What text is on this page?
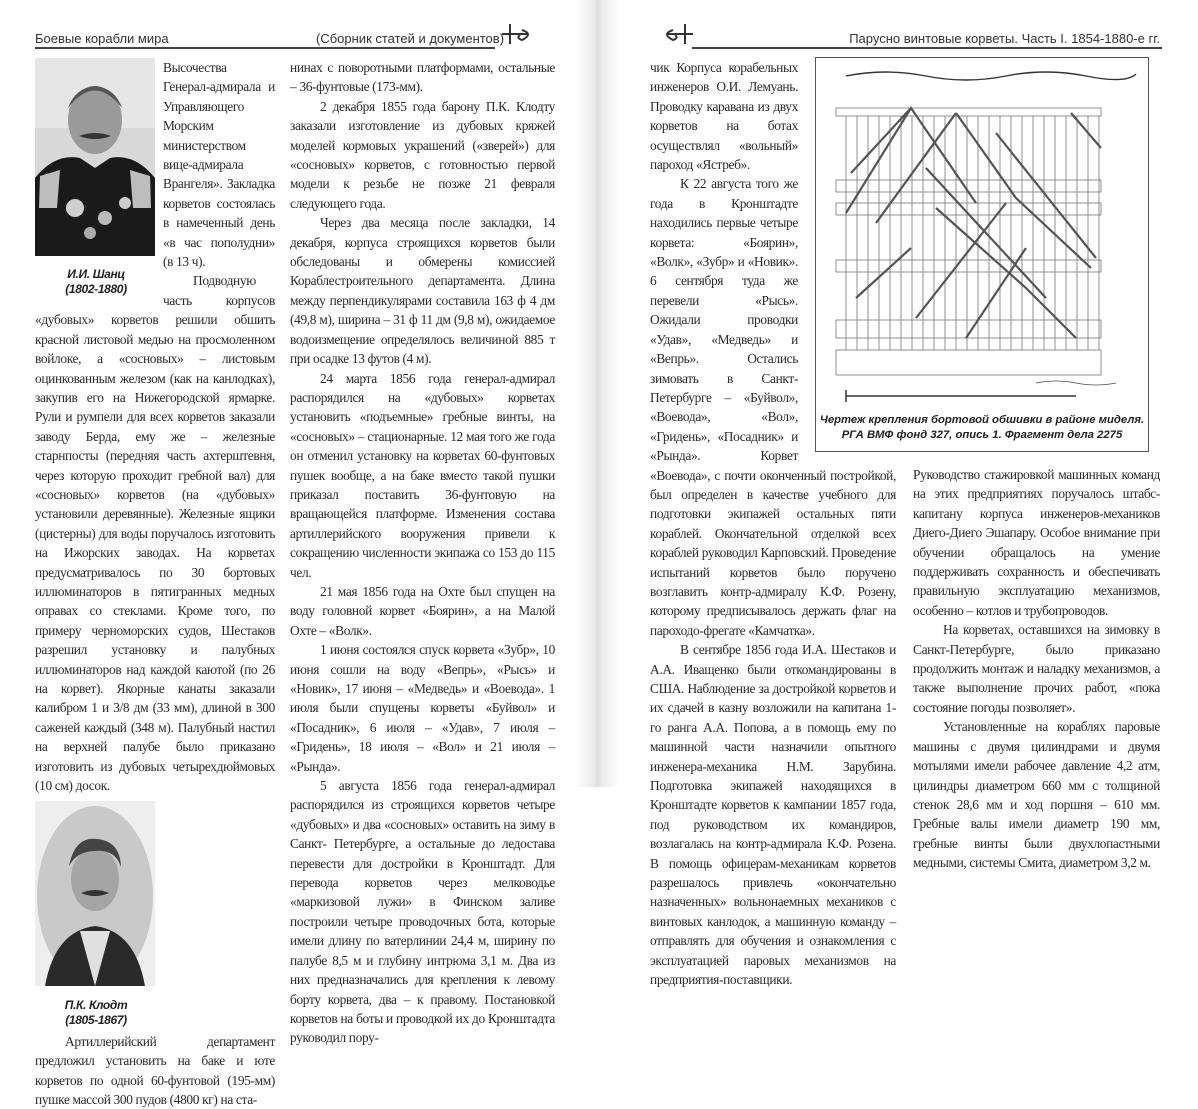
Боевые корабли мира	(Сборник статей и документов)
И.И. Шанц
(1802-1880)

Высочества Генерал-адмирала и Управляющего Морским министерством вице-адмирала Врангеля». Закладка корветов состоялась в намеченный день «в час пополудни» (в 13 ч).

Подводную часть корпусов «дубовых» корветов решили обшить красной листовой медью на просмоленном войлоке, а «сосновых» – листовым оцинкованным железом (как на канлодках), закупив его на Нижегородской ярмарке. Рули и румпели для всех корветов заказали заводу Берда, ему же – железные старнпосты (передняя часть ахтерштевня, через которую проходит гребной вал) для «сосновых» корветов (на «дубовых» установили деревянные). Железные ящики (цистерны) для воды поручалось изготовить на Ижорских заводах. На корветах предусматривалось по 30 бортовых иллюминаторов в пятигранных медных оправах со стеклами. Кроме того, по примеру черноморских судов, Шестаков разрешил установку и палубных иллюминаторов над каждой каютой (по 26 на корвет). Якорные канаты заказали калибром 1 и 3/8 дм (33 мм), длиной в 300 саженей каждый (348 м). Палубный настил на верхней палубе было приказано изготовить из дубовых четырехдюймовых (10 см) досок.

П.К. Клодт
(1805-1867)

Артиллерийский департамент предложил установить на баке и юте корветов по одной 60-фунтовой (195-мм) пушке массой 300 пудов (4800 кг) на ста-

нинах с поворотными платформами, остальные – 36-фунтовые (173-мм).

2 декабря 1855 года барону П.К. Клодту заказали изготовление из дубовых кряжей моделей кормовых украшений («зверей») для «сосновых» корветов, с готовностью первой модели к резьбе не позже 21 февраля следующего года.

Через два месяца после закладки, 14 декабря, корпуса строящихся корветов были обследованы и обмерены комиссией Кораблестроительного департамента. Длина между перпендикулярами составила 163 ф 4 дм (49,8 м), ширина – 31 ф 11 дм (9,8 м), ожидаемое водоизмещение определялось величиной 885 т при осадке 13 футов (4 м).

24 марта 1856 года генерал-адмирал распорядился на «дубовых» корветах установить «подъемные» гребные винты, на «сосновых» – стационарные. 12 мая того же года он отменил установку на корветах 60-фунтовых пушек вообще, а на баке вместо такой пушки приказал поставить 36-фунтовую на вращающейся платформе. Изменения состава артиллерийского вооружения привели к сокращению численности экипажа со 153 до 115 чел.

21 мая 1856 года на Охте был спущен на воду головной корвет «Боярин», а на Малой Охте – «Волк».

1 июня состоялся спуск корвета «Зубр», 10 июня сошли на воду «Вепрь», «Рысь» и «Новик», 17 июня – «Медведь» и «Воевода». 1 июля были спущены корветы «Буйвол» и «Посадник», 6 июля – «Удав», 7 июля – «Гридень», 18 июля – «Вол» и 21 июля – «Рында».

5 августа 1856 года генерал-адмирал распорядился из строящихся корветов четыре «дубовых» и два «сосновых» оставить на зиму в Санкт- Петербурге, а остальные до ледостава перевести для достройки в Кронштадт. Для перевода корветов через мелководье «маркизовой лужи» в Финском заливе построили четыре проводочных бота, которые имели длину по ватерлинии 24,4 м, ширину по палубе 8,5 м и глубину интрюма 3,1 м. Два из них предназначались для крепления к левому борту корвета, два – к правому. Постановкой корветов на боты и проводкой их до Кронштадта руководил пору-

Парусно винтовые корветы. Часть I. 1854-1880-е гг.

чик Корпуса корабельных инженеров О.И. Лемуань. Проводку каравана из двух корветов на ботах осуществлял «вольный» пароход «Ястреб».

К 22 августа того же года в Кронштадте находились первые четыре корвета: «Боярин», «Волк», «Зубр» и «Новик». 6 сентября туда же перевели «Рысь». Ожидали проводки «Удав», «Медведь» и «Вепрь». Остались зимовать в Санкт-Петербурге – «Буйвол», «Воевода», «Вол», «Гридень», «Посадник» и «Рында». Корвет «Воевода», с почти оконченный постройкой, был определен в качестве учебного для подготовки экипажей остальных пяти кораблей. Окончательной отделкой всех кораблей руководил Карповский. Проведение испытаний корветов было поручено возглавить контр-адмиралу К.Ф. Розену, которому предписывалось держать флаг на пароходо-фрегате «Камчатка».

В сентябре 1856 года И.А. Шестаков и А.А. Иващенко были откомандированы в США. Наблюдение за достройкой корветов и их сдачей в казну возложили на капитана 1-го ранга А.А. Попова, а в помощь ему по машинной части назначили опытного инженера-механика Н.М. Зарубина. Подготовка экипажей находящихся в Кронштадте корветов к кампании 1857 года, под руководством их командиров, возлагалась на контр-адмирала К.Ф. Розена. В помощь офицерам-механикам корветов разрешалось привлечь «окончательно назначенных» вольнонаемных механиков с винтовых канлодок, а машинную команду – отправлять для обучения и ознакомления с эксплуатацией паровых механизмов на предприятия-поставщики.

Чертеж крепления бортовой обшивки в районе миделя.
РГА ВМФ фонд 327, опись 1. Фрагмент дела 2275

Руководство стажировкой машинных команд на этих предприятиях поручалось штабс-капитану корпуса инженеров-механиков Диего-Диего Эшапару. Особое внимание при обучении обращалось на умение поддерживать сохранность и обеспечивать правильную эксплуатацию механизмов, особенно – котлов и трубопроводов.

На корветах, оставшихся на зимовку в Санкт-Петербурге, было приказано продолжить монтаж и наладку механизмов, а также выполнение прочих работ, «пока состояние погоды позволяет».

Установленные на кораблях паровые машины с двумя цилиндрами и двумя мотылями имели рабочее давление 4,2 атм, цилиндры диаметром 660 мм с толщиной стенок 28,6 мм и ход поршня – 610 мм. Гребные валы имели диаметр 190 мм, гребные винты были двухлопастными медными, системы Смита, диаметром 3,2 м.
